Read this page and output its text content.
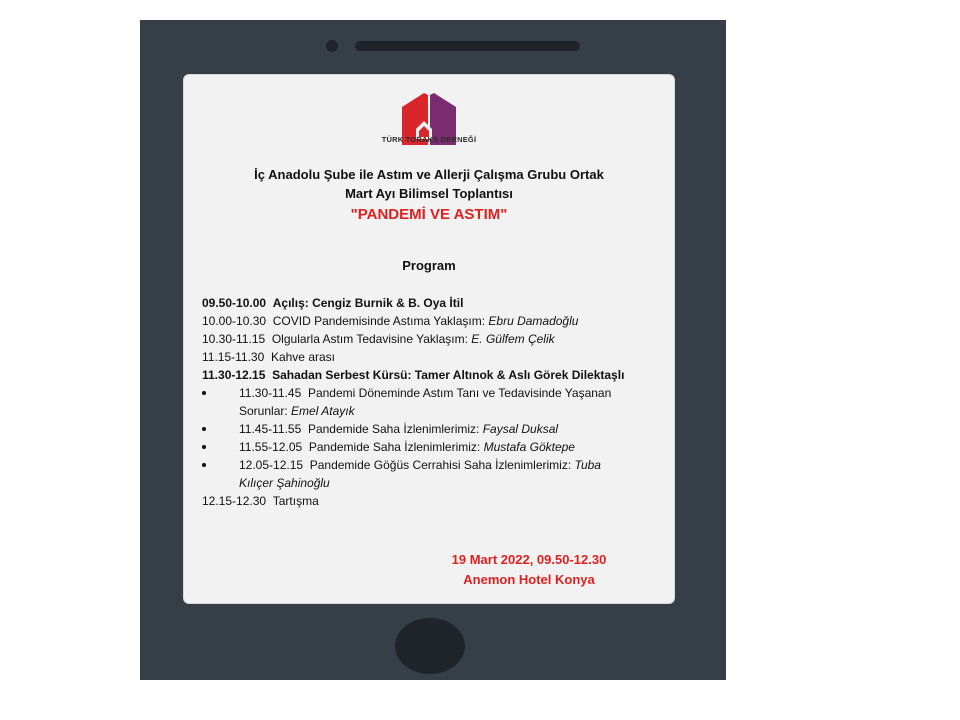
TÜRK TORAKS DERNEĞİ
İç Anadolu Şube ile Astım ve Allerji Çalışma Grubu Ortak
Mart Ayı Bilimsel Toplantısı
"PANDEMİ VE ASTIM"
Program
09.50-10.00 Açılış: Cengiz Burnik & B. Oya İtil
10.00-10.30 COVID Pandemisinde Astıma Yaklaşım: Ebru Damadoğlu
10.30-11.15 Olgularla Astım Tedavisine Yaklaşım: E. Gülfem Çelik
11.15-11.30 Kahve arası
11.30-12.15 Sahadan Serbest Kürsü: Tamer Altınok & Aslı Görek Dilektaşlı
11.30-11.45 Pandemi Döneminde Astım Tanı ve Tedavisinde Yaşanan
Sorunlar: Emel Atayık
11.45-11.55 Pandemide Saha İzlenimlerimiz: Faysal Duksal
11.55-12.05 Pandemide Saha İzlenimlerimiz: Mustafa Göktepe
12.05-12.15 Pandemide Göğüs Cerrahisi Saha İzlenimlerimiz: Tuba
Kılıçer Şahinoğlu
12.15-12.30 Tartışma
19 Mart 2022, 09.50-12.30
Anemon Hotel Konya
